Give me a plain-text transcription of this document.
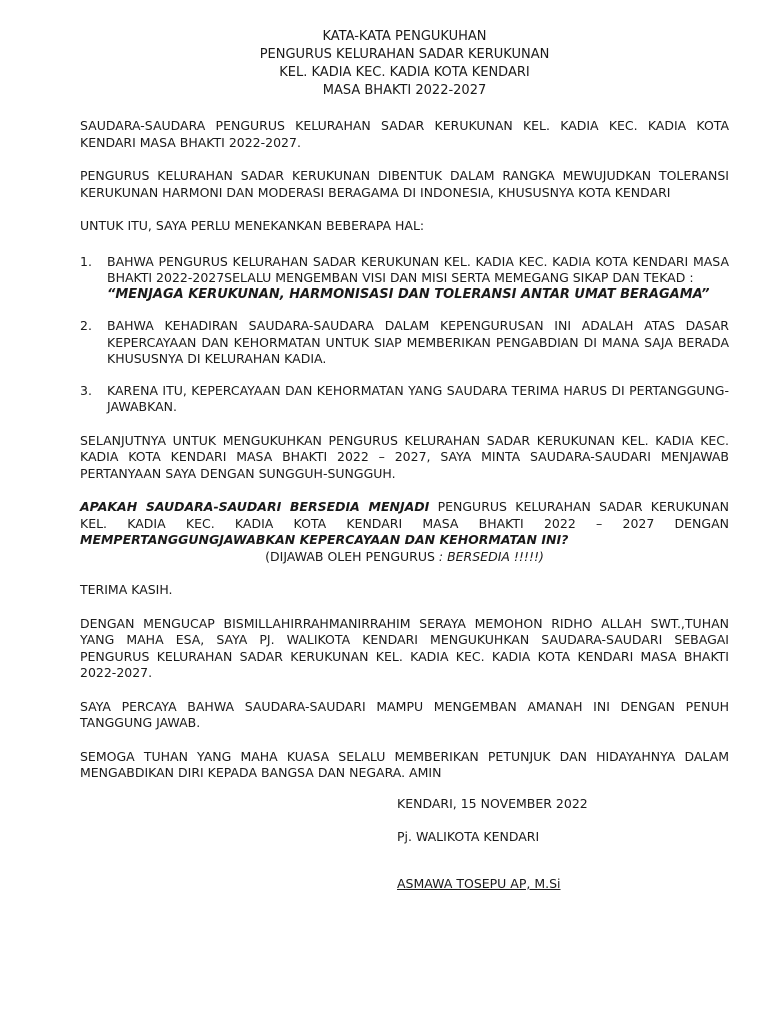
KATA-KATA PENGUKUHAN
PENGURUS KELURAHAN SADAR KERUKUNAN
KEL. KADIA KEC. KADIA KOTA KENDARI
MASA BHAKTI 2022-2027

SAUDARA-SAUDARA PENGURUS KELURAHAN SADAR KERUKUNAN KEL. KADIA KEC. KADIA KOTA KENDARI MASA BHAKTI 2022-2027.

PENGURUS KELURAHAN SADAR KERUKUNAN DIBENTUK DALAM RANGKA MEWUJUDKAN TOLERANSI KERUKUNAN HARMONI DAN MODERASI BERAGAMA DI INDONESIA, KHUSUSNYA KOTA KENDARI

UNTUK ITU, SAYA PERLU MENEKANKAN BEBERAPA HAL:

1. BAHWA PENGURUS KELURAHAN SADAR KERUKUNAN KEL. KADIA KEC. KADIA KOTA KENDARI MASA BHAKTI 2022-2027SELALU MENGEMBAN VISI DAN MISI SERTA MEMEGANG SIKAP DAN TEKAD :
“MENJAGA KERUKUNAN, HARMONISASI DAN TOLERANSI ANTAR UMAT BERAGAMA”
2. BAHWA KEHADIRAN SAUDARA-SAUDARA DALAM KEPENGURUSAN INI ADALAH ATAS DASAR KEPERCAYAAN DAN KEHORMATAN UNTUK SIAP MEMBERIKAN PENGABDIAN DI MANA SAJA BERADA KHUSUSNYA DI KELURAHAN KADIA.
3. KARENA ITU, KEPERCAYAAN DAN KEHORMATAN YANG SAUDARA TERIMA HARUS DI PERTANGGUNG-JAWABKAN.

SELANJUTNYA UNTUK MENGUKUHKAN PENGURUS KELURAHAN SADAR KERUKUNAN KEL. KADIA KEC. KADIA KOTA KENDARI MASA BHAKTI 2022 – 2027, SAYA MINTA SAUDARA-SAUDARI MENJAWAB PERTANYAAN SAYA DENGAN SUNGGUH-SUNGGUH.

APAKAH SAUDARA-SAUDARI BERSEDIA MENJADI PENGURUS KELURAHAN SADAR KERUKUNAN KEL. KADIA KEC. KADIA KOTA KENDARI MASA BHAKTI 2022 – 2027 DENGAN MEMPERTANGGUNGJAWABKAN KEPERCAYAAN DAN KEHORMATAN INI?

(DIJAWAB OLEH PENGURUS : BERSEDIA !!!!!)

TERIMA KASIH.

DENGAN MENGUCAP BISMILLAHIRRAHMANIRRAHIM SERAYA MEMOHON RIDHO ALLAH SWT.,TUHAN YANG MAHA ESA, SAYA PJ. WALIKOTA KENDARI MENGUKUHKAN SAUDARA-SAUDARI SEBAGAI PENGURUS KELURAHAN SADAR KERUKUNAN KEL. KADIA KEC. KADIA KOTA KENDARI MASA BHAKTI 2022-2027.

SAYA PERCAYA BAHWA SAUDARA-SAUDARI MAMPU MENGEMBAN AMANAH INI DENGAN PENUH TANGGUNG JAWAB.

SEMOGA TUHAN YANG MAHA KUASA SELALU MEMBERIKAN PETUNJUK DAN HIDAYAHNYA DALAM MENGABDIKAN DIRI KEPADA BANGSA DAN NEGARA. AMIN

KENDARI, 15 NOVEMBER 2022
Pj. WALIKOTA KENDARI
ASMAWA TOSEPU AP, M.Si
